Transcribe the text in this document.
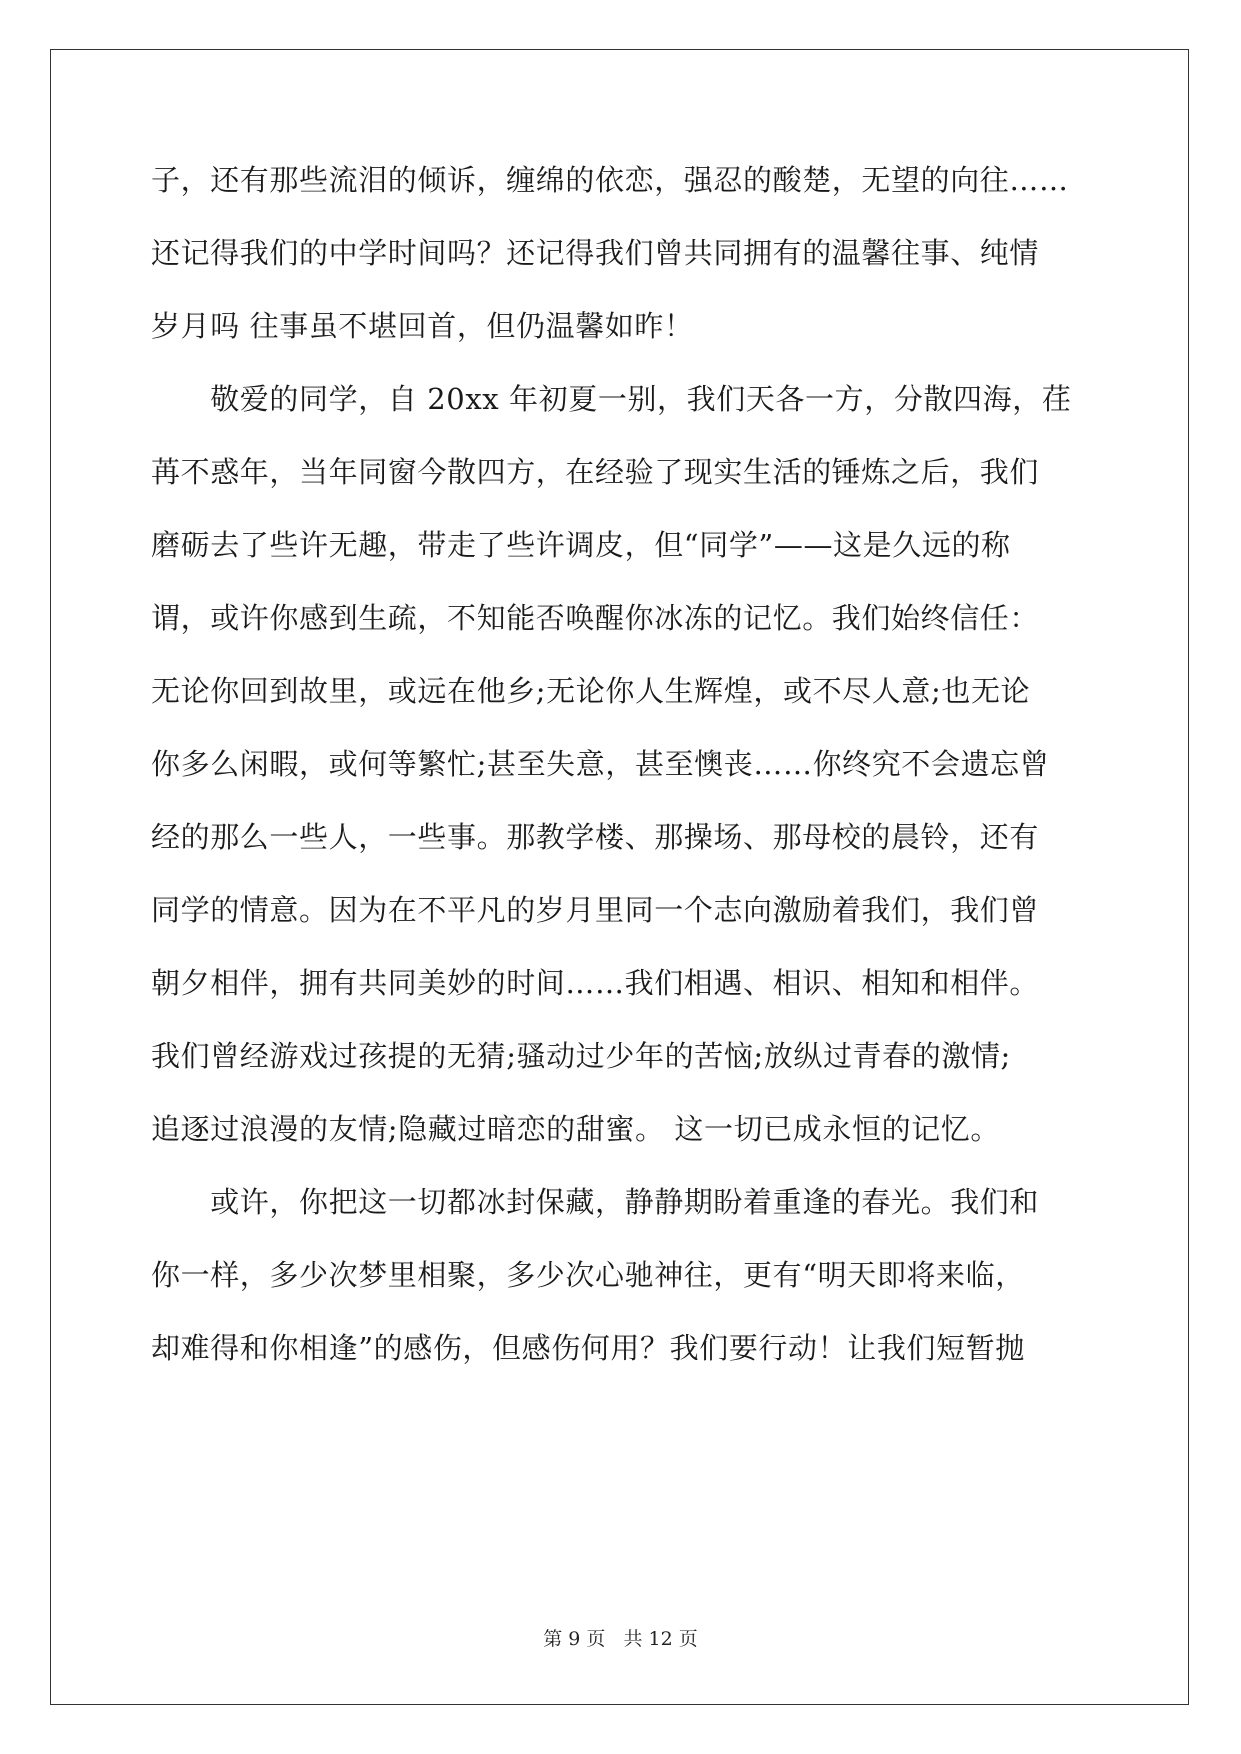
子，还有那些流泪的倾诉，缠绵的依恋，强忍的酸楚，无望的向往……
还记得我们的中学时间吗？还记得我们曾共同拥有的温馨往事、纯情
岁月吗 往事虽不堪回首，但仍温馨如昨！
　　敬爱的同学，自 20xx 年初夏一别，我们天各一方，分散四海，荏
苒不惑年，当年同窗今散四方，在经验了现实生活的锤炼之后，我们
磨砺去了些许无趣，带走了些许调皮，但“同学”——这是久远的称
谓，或许你感到生疏，不知能否唤醒你冰冻的记忆。我们始终信任：
无论你回到故里，或远在他乡;无论你人生辉煌，或不尽人意;也无论
你多么闲暇，或何等繁忙;甚至失意，甚至懊丧……你终究不会遗忘曾
经的那么一些人，一些事。那教学楼、那操场、那母校的晨铃，还有
同学的情意。因为在不平凡的岁月里同一个志向激励着我们，我们曾
朝夕相伴，拥有共同美妙的时间……我们相遇、相识、相知和相伴。
我们曾经游戏过孩提的无猜;骚动过少年的苦恼;放纵过青春的激情;
追逐过浪漫的友情;隐藏过暗恋的甜蜜。 这一切已成永恒的记忆。
　　或许，你把这一切都冰封保藏，静静期盼着重逢的春光。我们和
你一样，多少次梦里相聚，多少次心驰神往，更有“明天即将来临，
却难得和你相逢”的感伤，但感伤何用？我们要行动！让我们短暂抛
第 9 页   共 12 页
